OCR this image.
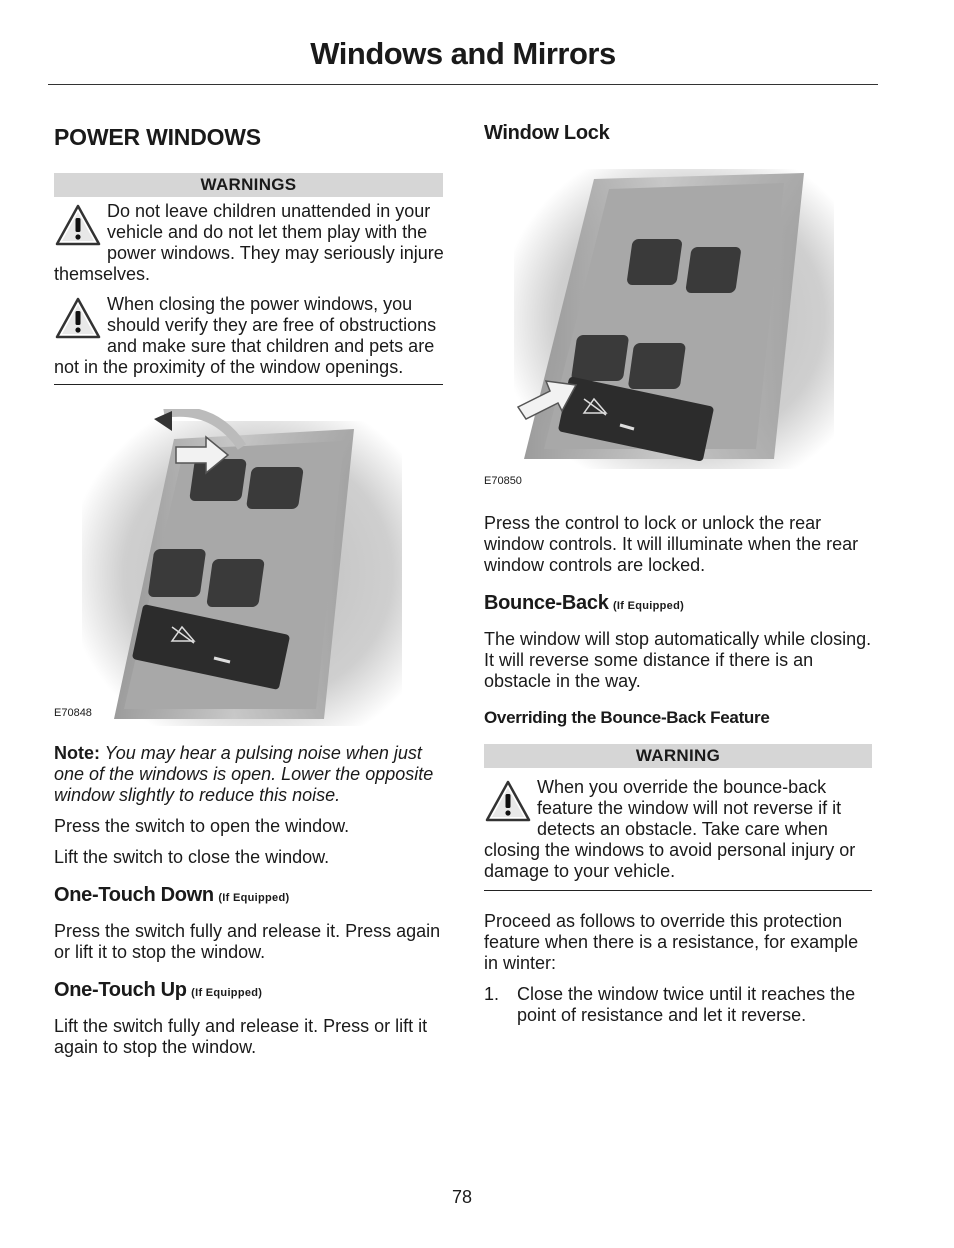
Windows and Mirrors
POWER WINDOWS
WARNINGS
Do not leave children unattended in your vehicle and do not let them play with the power windows. They may seriously injure themselves.
When closing the power windows, you should verify they are free of obstructions and make sure that children and pets are not in the proximity of the window openings.
E70848

Note: You may hear a pulsing noise when just one of the windows is open. Lower the opposite window slightly to reduce this noise.

Press the switch to open the window.

Lift the switch to close the window.

One-Touch Down (If Equipped)

Press the switch fully and release it. Press again or lift it to stop the window.

One-Touch Up (If Equipped)

Lift the switch fully and release it. Press or lift it again to stop the window.

Window Lock
E70850

Press the control to lock or unlock the rear window controls. It will illuminate when the rear window controls are locked.

Bounce-Back (If Equipped)

The window will stop automatically while closing. It will reverse some distance if there is an obstacle in the way.

Overriding the Bounce-Back Feature
WARNING
When you override the bounce-back feature the window will not reverse if it detects an obstacle. Take care when closing the windows to avoid personal injury or damage to your vehicle.

Proceed as follows to override this protection feature when there is a resistance, for example in winter:

1. Close the window twice until it reaches the point of resistance and let it reverse.
78
